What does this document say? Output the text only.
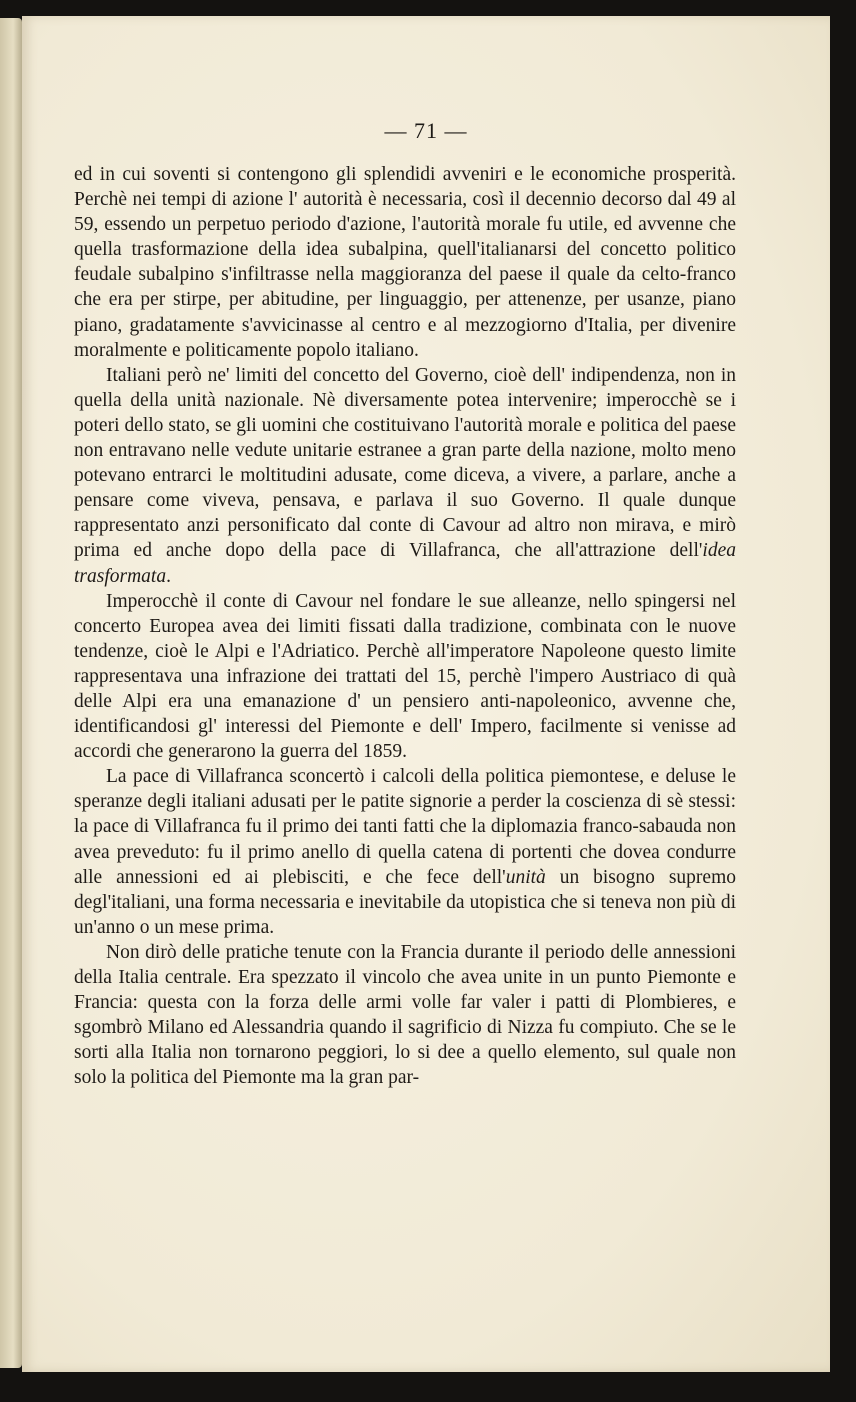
— 71 —

ed in cui soventi si contengono gli splendidi avveniri e le economiche prosperità. Perchè nei tempi di azione l' autorità è necessaria, così il decennio decorso dal 49 al 59, essendo un perpetuo periodo d'azione, l'autorità morale fu utile, ed avvenne che quella trasformazione della idea subalpina, quell'italianarsi del concetto politico feudale subalpino s'infiltrasse nella maggioranza del paese il quale da celto-franco che era per stirpe, per abitudine, per linguaggio, per attenenze, per usanze, piano piano, gradatamente s'avvicinasse al centro e al mezzogiorno d'Italia, per divenire moralmente e politicamente popolo italiano.

Italiani però ne' limiti del concetto del Governo, cioè dell' indipendenza, non in quella della unità nazionale. Nè diversamente potea intervenire; imperocchè se i poteri dello stato, se gli uomini che costituivano l'autorità morale e politica del paese non entravano nelle vedute unitarie estranee a gran parte della nazione, molto meno potevano entrarci le moltitudini adusate, come diceva, a vivere, a parlare, anche a pensare come viveva, pensava, e parlava il suo Governo. Il quale dunque rappresentato anzi personificato dal conte di Cavour ad altro non mirava, e mirò prima ed anche dopo della pace di Villafranca, che all'attrazione dell'idea trasformata.

Imperocchè il conte di Cavour nel fondare le sue alleanze, nello spingersi nel concerto Europea avea dei limiti fissati dalla tradizione, combinata con le nuove tendenze, cioè le Alpi e l'Adriatico. Perchè all'imperatore Napoleone questo limite rappresentava una infrazione dei trattati del 15, perchè l'impero Austriaco di quà delle Alpi era una emanazione d' un pensiero anti-napoleonico, avvenne che, identificandosi gl' interessi del Piemonte e dell' Impero, facilmente si venisse ad accordi che generarono la guerra del 1859.

La pace di Villafranca sconcertò i calcoli della politica piemontese, e deluse le speranze degli italiani adusati per le patite signorie a perder la coscienza di sè stessi: la pace di Villafranca fu il primo dei tanti fatti che la diplomazia franco-sabauda non avea preveduto: fu il primo anello di quella catena di portenti che dovea condurre alle annessioni ed ai plebisciti, e che fece dell'unità un bisogno supremo degl'italiani, una forma necessaria e inevitabile da utopistica che si teneva non più di un'anno o un mese prima.

Non dirò delle pratiche tenute con la Francia durante il periodo delle annessioni della Italia centrale. Era spezzato il vincolo che avea unite in un punto Piemonte e Francia: questa con la forza delle armi volle far valer i patti di Plombieres, e sgombrò Milano ed Alessandria quando il sagrificio di Nizza fu compiuto. Che se le sorti alla Italia non tornarono peggiori, lo si dee a quello elemento, sul quale non solo la politica del Piemonte ma la gran par-
